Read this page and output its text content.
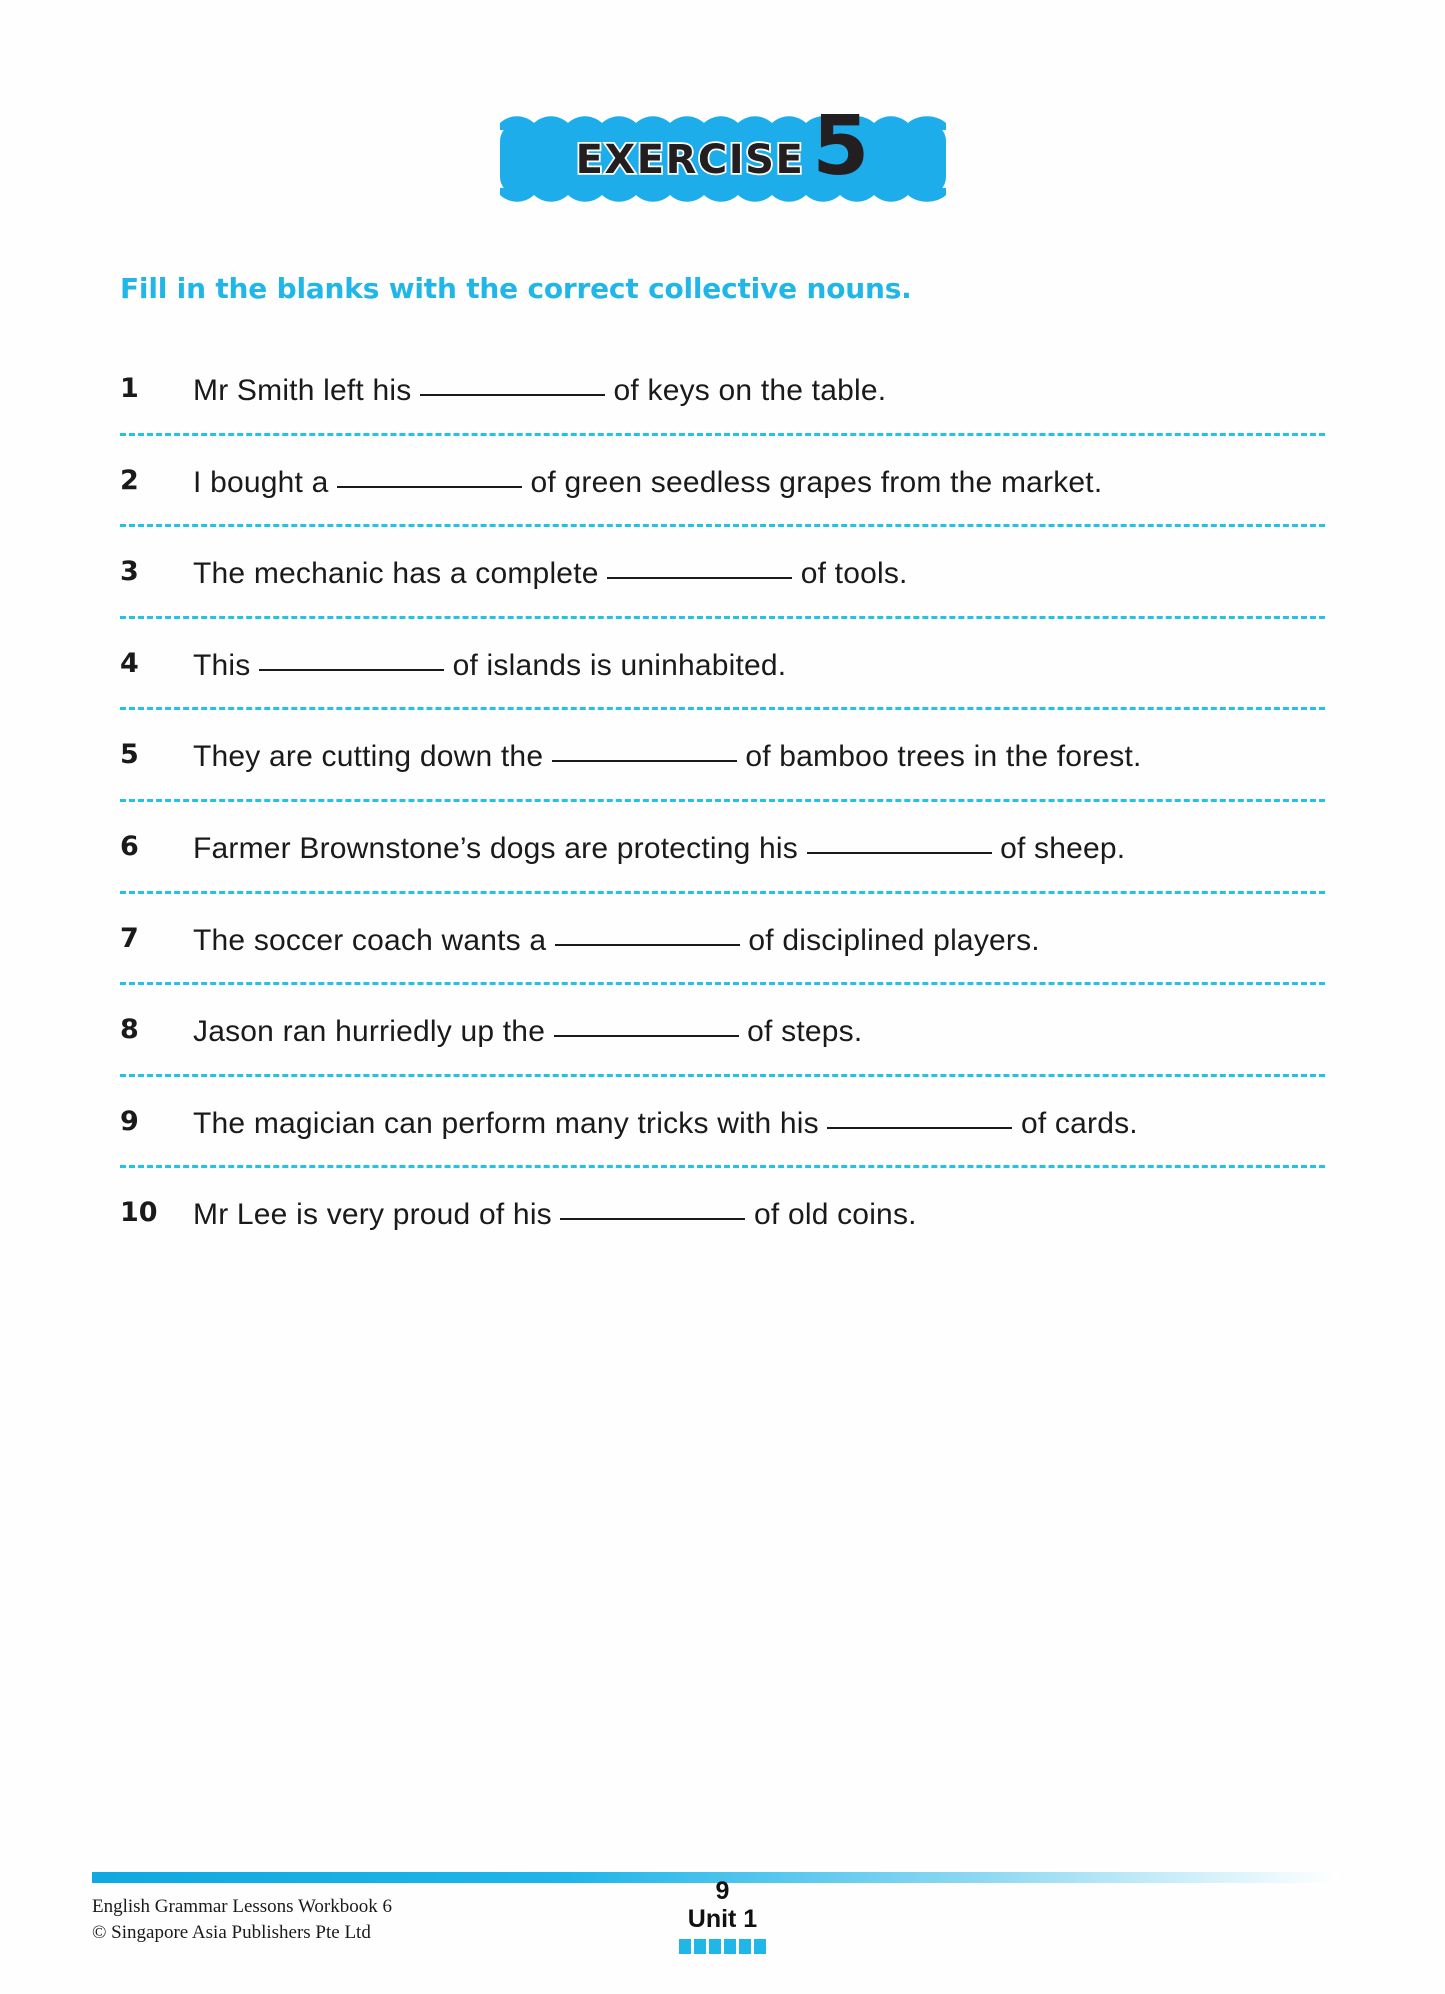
EXERCISE 5
Fill in the blanks with the correct collective nouns.
1 Mr Smith left his	of keys on the table.
2 I bought a	of green seedless grapes from the market.
3 The mechanic has a complete	of tools.
4 This	of islands is uninhabited.
5 They are cutting down the	of bamboo trees in the forest.
6 Farmer Brownstone’s dogs are protecting his	of sheep.
7 The soccer coach wants a	of disciplined players.
8 Jason ran hurriedly up the	of steps.
9 The magician can perform many tricks with his	of cards.
10 Mr Lee is very proud of his	of old coins.
English Grammar Lessons Workbook 6
© Singapore Asia Publishers Pte Ltd
9
Unit 1
